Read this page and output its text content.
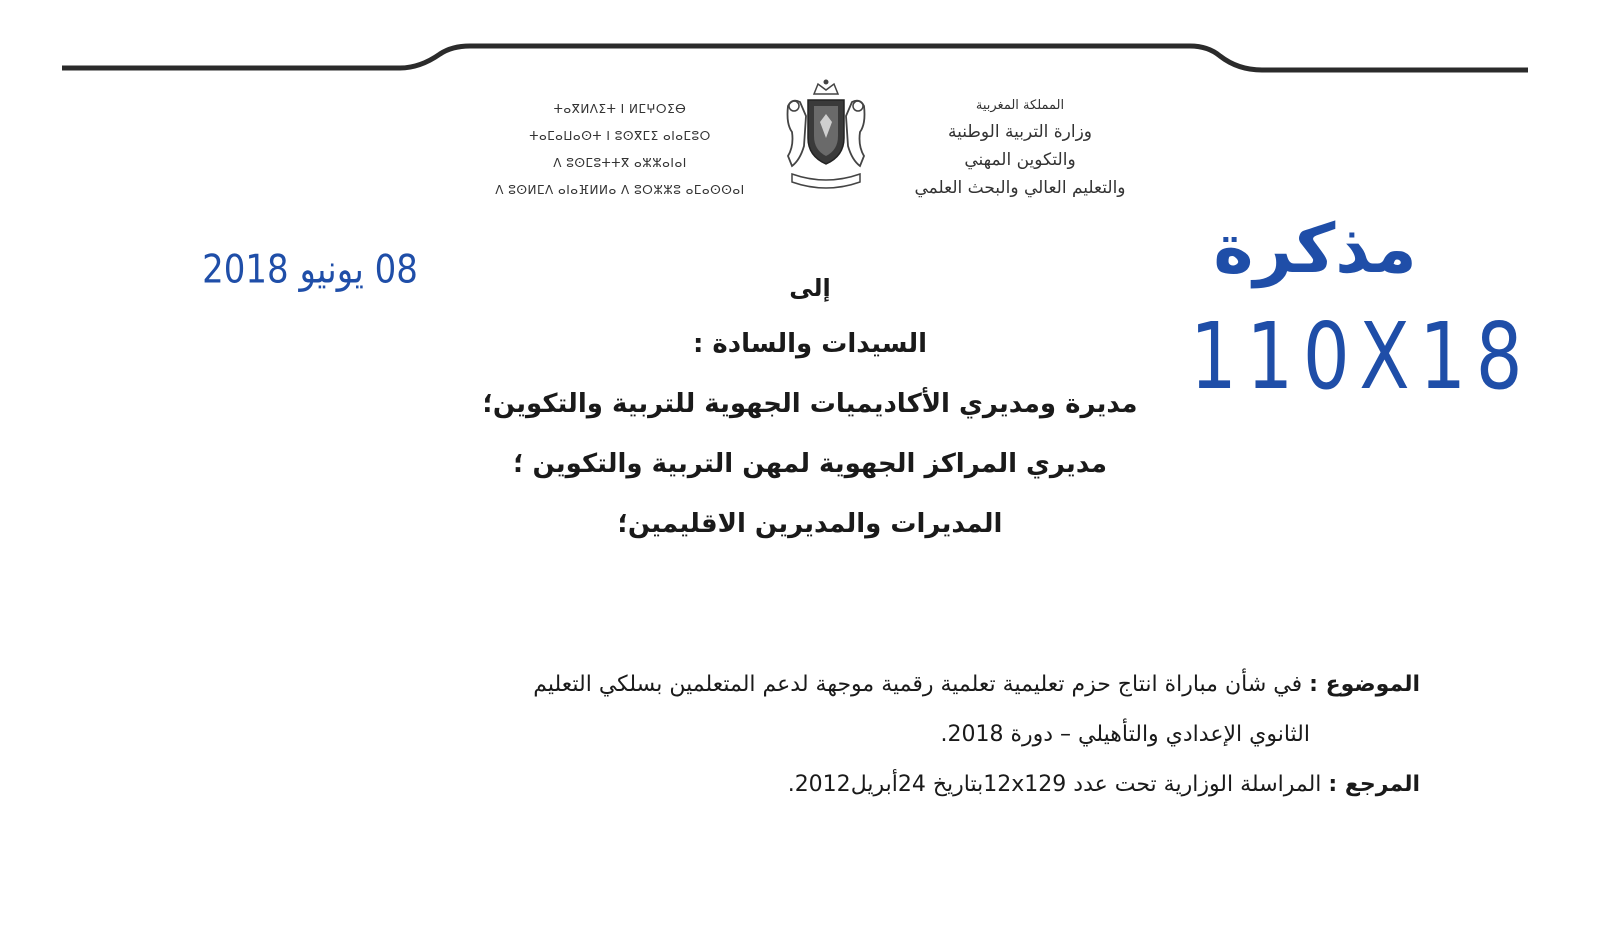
ⵜⴰⴳⵍⴷⵉⵜ ⵏ ⵍⵎⵖⵔⵉⴱ
ⵜⴰⵎⴰⵡⴰⵙⵜ ⵏ ⵓⵙⴳⵎⵉ ⴰⵏⴰⵎⵓⵔ
ⴷ ⵓⵙⵎⵓⵜⵜⴳ ⴰⵣⵣⴰⵏⴰⵏ
ⴷ ⵓⵙⵍⵎⴷ ⴰⵏⴰⴼⵍⵍⴰ ⴷ ⵓⵔⵣⵣⵓ ⴰⵎⴰⵙⵙⴰⵏ
المملكة المغربية
وزارة التربية الوطنية
والتكوين المهني
والتعليم العالي والبحث العلمي
08 يونيو 2018	مذكرة
110X18
إلى
السيدات والسادة :
مديرة ومديري الأكاديميات الجهوية للتربية والتكوين؛
مديري المراكز الجهوية لمهن التربية والتكوين ؛
المديرات والمديرين الاقليمين؛
الموضوع : في شأن مباراة انتاج حزم تعليمية تعلمية رقمية موجهة لدعم المتعلمين بسلكي التعليم
الثانوي الإعدادي والتأهيلي – دورة 2018.
المرجع : المراسلة الوزارية تحت عدد 12x129بتاريخ 24أبريل2012.
